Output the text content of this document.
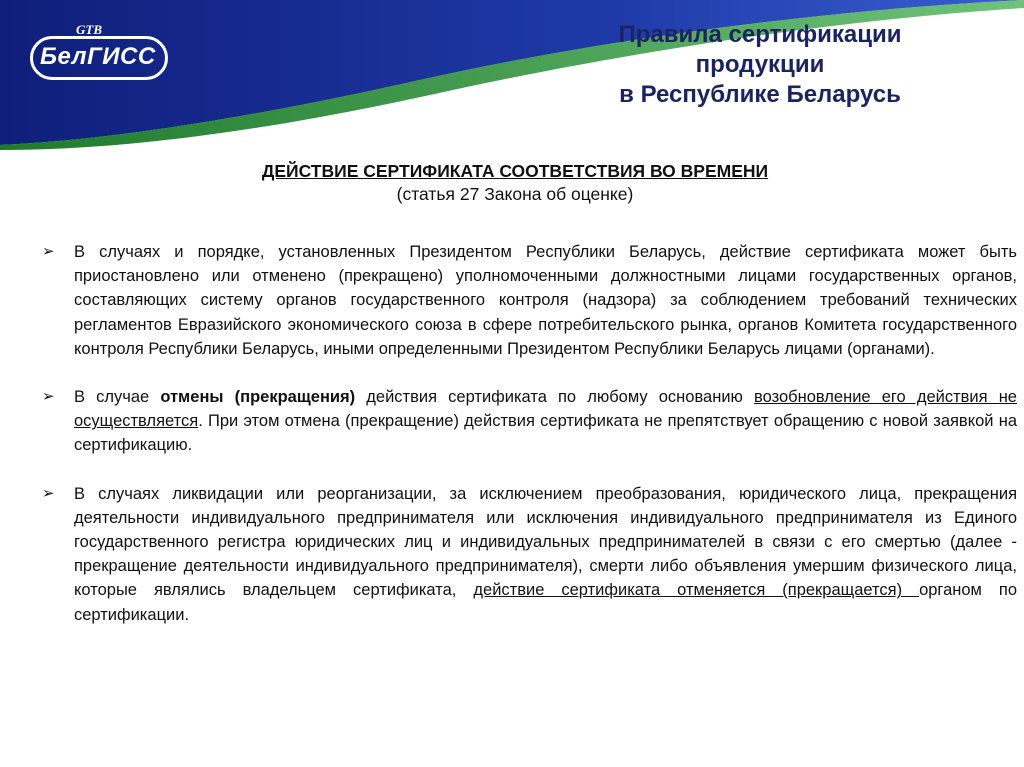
GTB
БелГИСС
Правила сертификации
продукции
в Республике Беларусь
ДЕЙСТВИЕ СЕРТИФИКАТА СООТВЕТСТВИЯ ВО ВРЕМЕНИ
(статья 27 Закона об оценке)
➢	В случаях и порядке, установленных Президентом Республики Беларусь, действие сертификата может быть приостановлено или отменено (прекращено) уполномоченными должностными лицами государственных органов, составляющих систему органов государственного контроля (надзора) за соблюдением требований технических регламентов Евразийского экономического союза в сфере потребительского рынка, органов Комитета государственного контроля Республики Беларусь, иными определенными Президентом Республики Беларусь лицами (органами).
➢	В случае отмены (прекращения) действия сертификата по любому основанию возобновление его действия не осуществляется. При этом отмена (прекращение) действия сертификата не препятствует обращению с новой заявкой на сертификацию.
➢	В случаях ликвидации или реорганизации, за исключением преобразования, юридического лица, прекращения деятельности индивидуального предпринимателя или исключения индивидуального предпринимателя из Единого государственного регистра юридических лиц и индивидуальных предпринимателей в связи с его смертью (далее - прекращение деятельности индивидуального предпринимателя), смерти либо объявления умершим физического лица, которые являлись владельцем сертификата, действие сертификата отменяется (прекращается) органом по сертификации.
